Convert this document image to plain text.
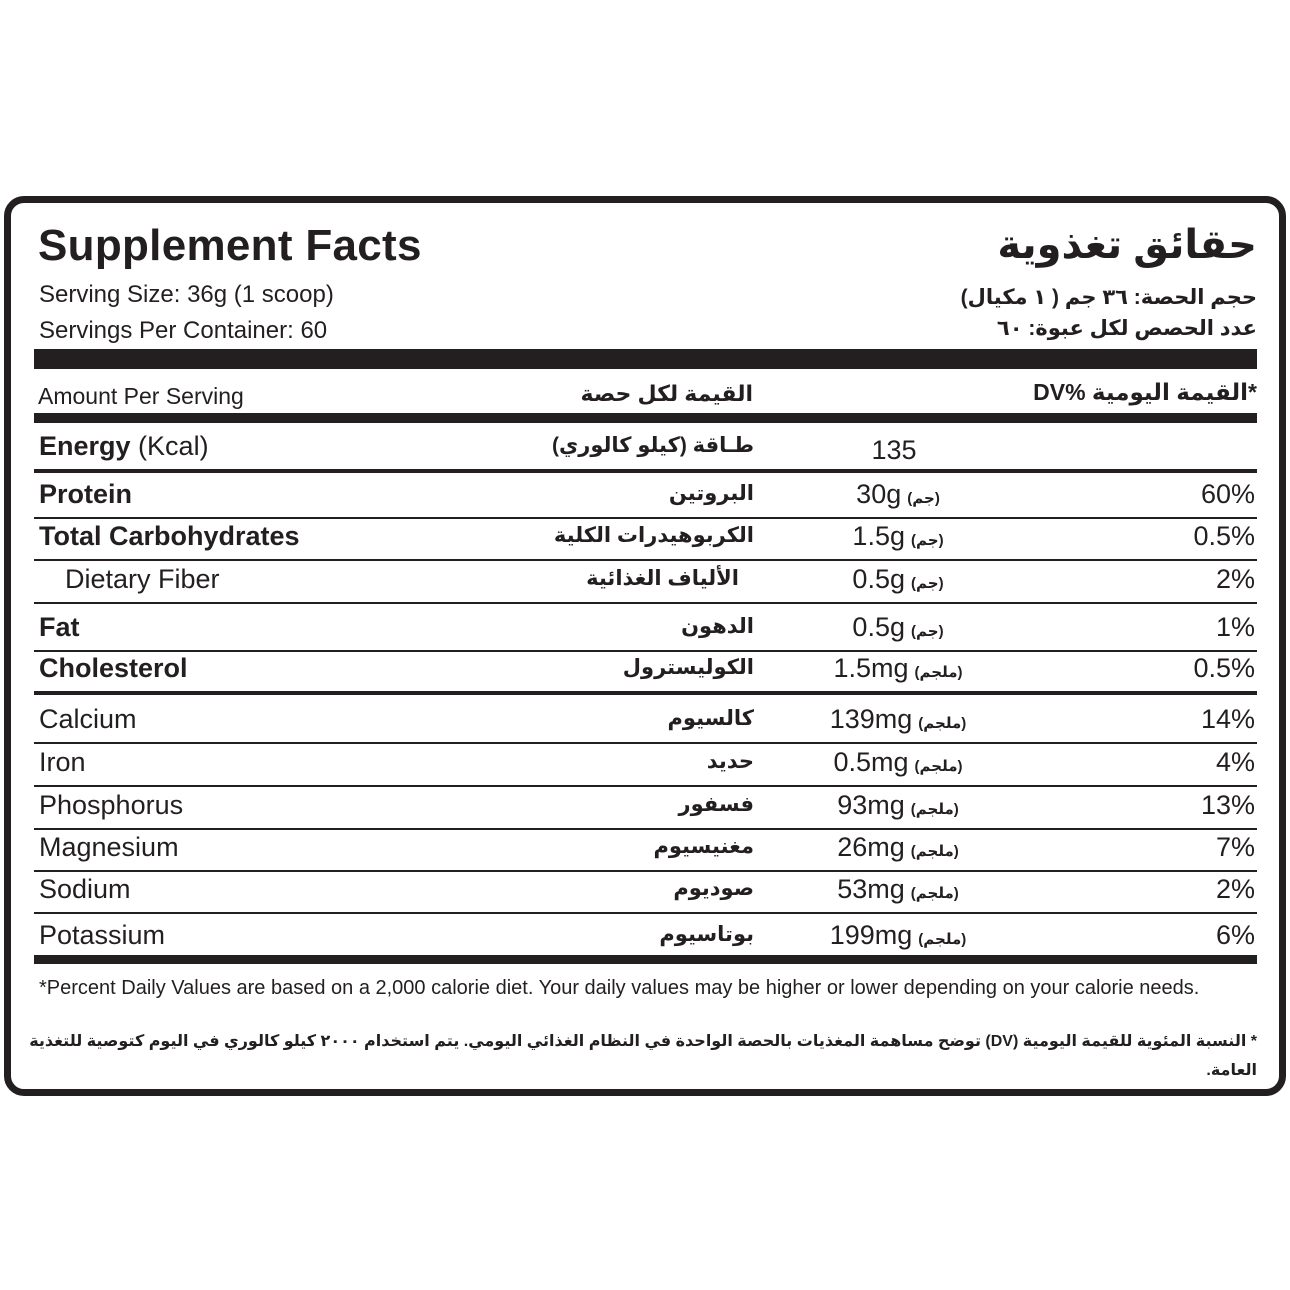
Supplement Facts	حقائق تغذوية
Serving Size: 36g (1 scoop)
Servings Per Container: 60
حجم الحصة: ٣٦ جم ( ١ مكيال)
عدد الحصص لكل عبوة: ٦٠
Amount Per Serving	القيمة لكل حصة	*القيمة اليومية %DV
Energy (Kcal)	طـاقة (كيلو كالوري)	135
Protein	البروتين	30g (جم)	60%
Total Carbohydrates	الكربوهيدرات الكلية	1.5g (جم)	0.5%
Dietary Fiber	الألياف الغذائية	0.5g (جم)	2%
Fat	الدهون	0.5g (جم)	1%
Cholesterol	الكوليسترول	1.5mg (ملجم)	0.5%
Calcium	كالسيوم	139mg (ملجم)	14%
Iron	حديد	0.5mg (ملجم)	4%
Phosphorus	فسفور	93mg (ملجم)	13%
Magnesium	مغنيسيوم	26mg (ملجم)	7%
Sodium	صوديوم	53mg (ملجم)	2%
Potassium	بوتاسيوم	199mg (ملجم)	6%
*Percent Daily Values are based on a 2,000 calorie diet. Your daily values may be higher or lower depending on your calorie needs.
* النسبة المئوية للقيمة اليومية (DV) توضح مساهمة المغذيات بالحصة الواحدة في النظام الغذائي اليومي. يتم استخدام ٢٠٠٠ كيلو كالوري في اليوم كتوصية للتغذية العامة.
